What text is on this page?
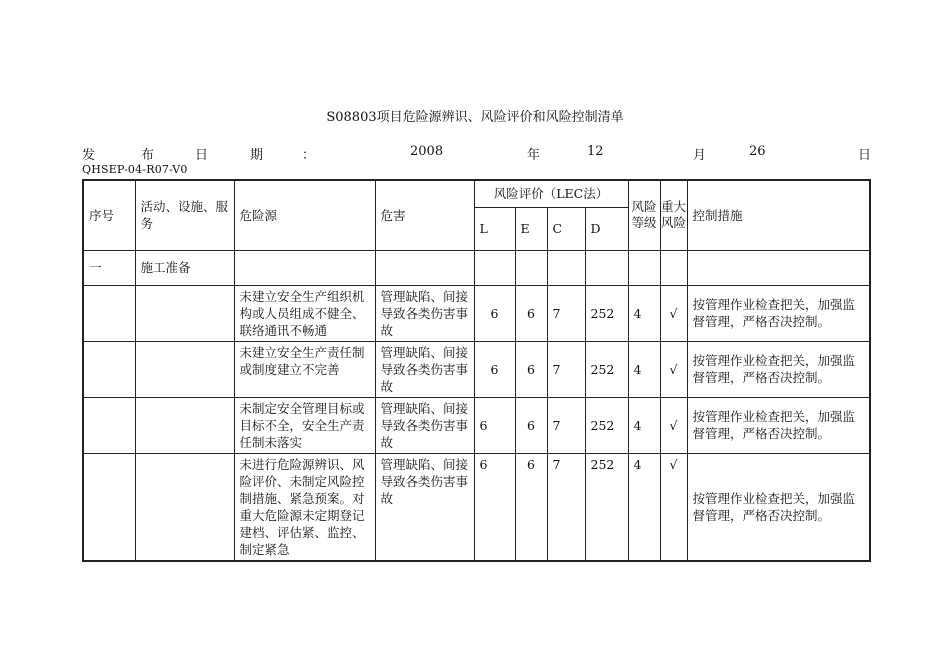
S08803项目危险源辨识、风险评价和风险控制清单
发	布	日	期	：	2008	年	12	月	26	日
QHSEP-04-R07-V0
序号	活动、设施、服务	危险源	危害	风险评价（LEC法）				风险等级	重大风险	控制措施
				L	E	C	D			
一	施工准备									
		未建立安全生产组织机构或人员组成不健全、联络通讯不畅通	管理缺陷、间接导致各类伤害事故	6	6	7	252	4	√	按管理作业检查把关，加强监督管理，严格否决控制。
		未建立安全生产责任制或制度建立不完善	管理缺陷、间接导致各类伤害事故	6	6	7	252	4	√	按管理作业检查把关，加强监督管理，严格否决控制。
		未制定安全管理目标或目标不全，安全生产责任制未落实	管理缺陷、间接导致各类伤害事故	6	6	7	252	4	√	按管理作业检查把关，加强监督管理，严格否决控制。
		未进行危险源辨识、风险评价、未制定风险控制措施、紧急预案。对重大危险源未定期登记建档、评估紧、监控、制定紧急	管理缺陷、间接导致各类伤害事故	6	6	7	252	4	√	按管理作业检查把关，加强监督管理，严格否决控制。
